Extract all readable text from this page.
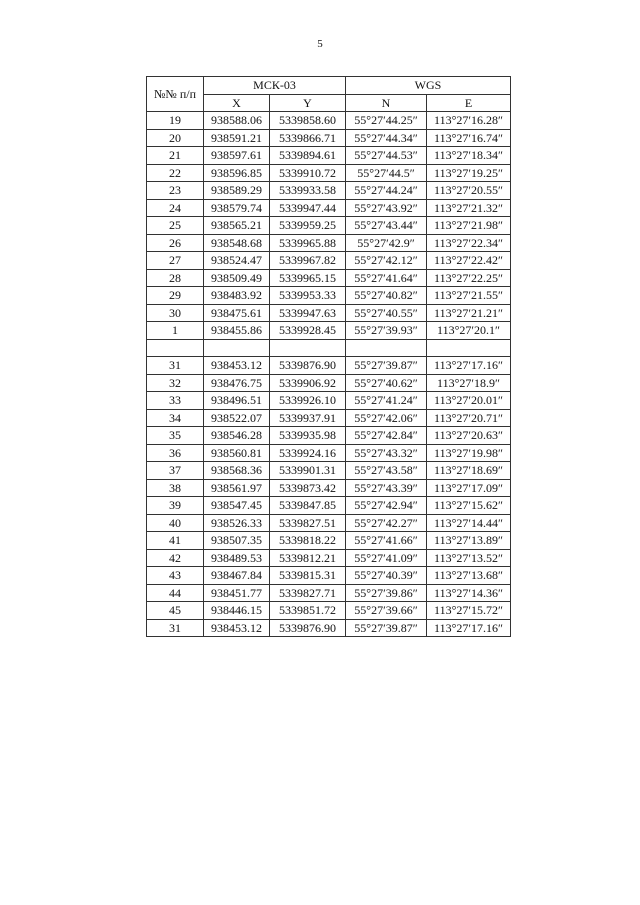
5
№№ п/п	МСК-03		WGS	
	X	Y	N	E
19	938588.06	5339858.60	55°27′44.25″	113°27′16.28″
20	938591.21	5339866.71	55°27′44.34″	113°27′16.74″
21	938597.61	5339894.61	55°27′44.53″	113°27′18.34″
22	938596.85	5339910.72	55°27′44.5″	113°27′19.25″
23	938589.29	5339933.58	55°27′44.24″	113°27′20.55″
24	938579.74	5339947.44	55°27′43.92″	113°27′21.32″
25	938565.21	5339959.25	55°27′43.44″	113°27′21.98″
26	938548.68	5339965.88	55°27′42.9″	113°27′22.34″
27	938524.47	5339967.82	55°27′42.12″	113°27′22.42″
28	938509.49	5339965.15	55°27′41.64″	113°27′22.25″
29	938483.92	5339953.33	55°27′40.82″	113°27′21.55″
30	938475.61	5339947.63	55°27′40.55″	113°27′21.21″
1	938455.86	5339928.45	55°27′39.93″	113°27′20.1″

31	938453.12	5339876.90	55°27′39.87″	113°27′17.16″
32	938476.75	5339906.92	55°27′40.62″	113°27′18.9″
33	938496.51	5339926.10	55°27′41.24″	113°27′20.01″
34	938522.07	5339937.91	55°27′42.06″	113°27′20.71″
35	938546.28	5339935.98	55°27′42.84″	113°27′20.63″
36	938560.81	5339924.16	55°27′43.32″	113°27′19.98″
37	938568.36	5339901.31	55°27′43.58″	113°27′18.69″
38	938561.97	5339873.42	55°27′43.39″	113°27′17.09″
39	938547.45	5339847.85	55°27′42.94″	113°27′15.62″
40	938526.33	5339827.51	55°27′42.27″	113°27′14.44″
41	938507.35	5339818.22	55°27′41.66″	113°27′13.89″
42	938489.53	5339812.21	55°27′41.09″	113°27′13.52″
43	938467.84	5339815.31	55°27′40.39″	113°27′13.68″
44	938451.77	5339827.71	55°27′39.86″	113°27′14.36″
45	938446.15	5339851.72	55°27′39.66″	113°27′15.72″
31	938453.12	5339876.90	55°27′39.87″	113°27′17.16″
